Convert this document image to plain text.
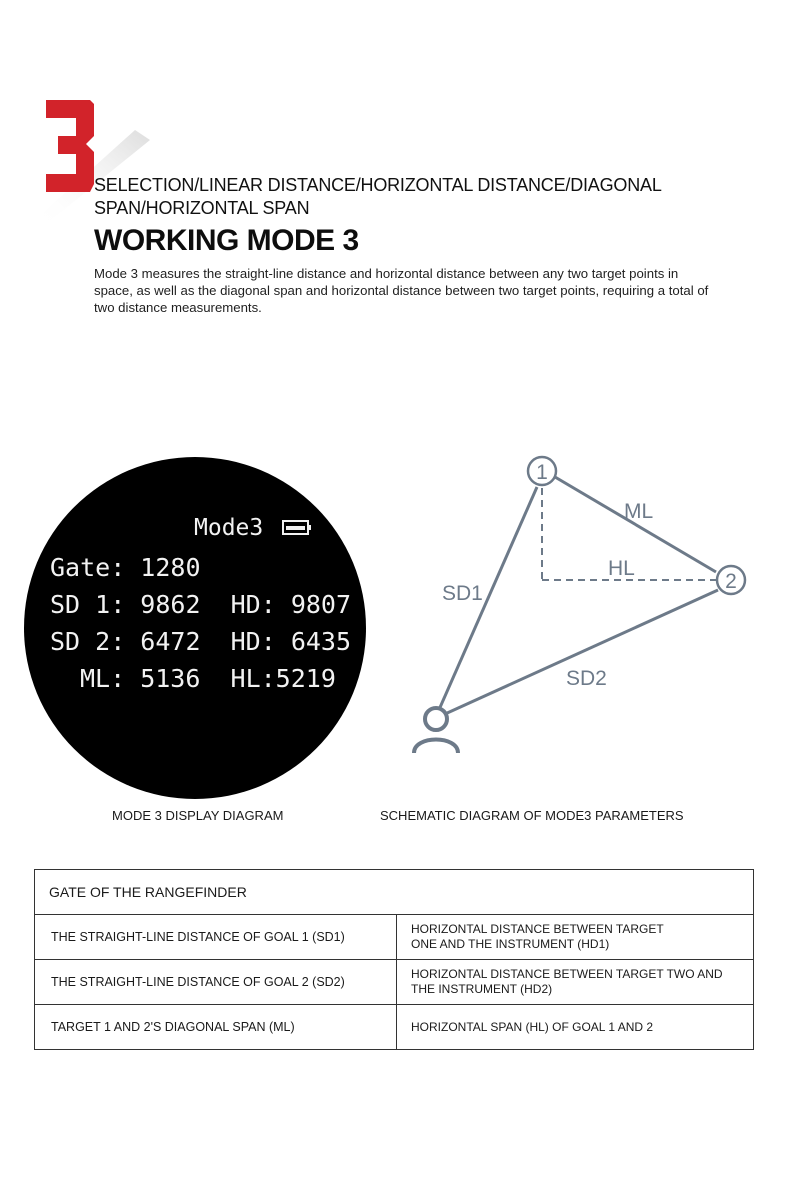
SELECTION/LINEAR DISTANCE/HORIZONTAL DISTANCE/DIAGONAL SPAN/HORIZONTAL SPAN
WORKING MODE 3
Mode 3 measures the straight-line distance and horizontal distance between any two target points in space, as well as the diagonal span and horizontal distance between two target points, requiring a total of two distance measurements.
Mode3
Gate: 1280
SD 1: 9862  HD: 9807
SD 2: 6472  HD: 6435
ML: 5136  HL:5219
MODE 3 DISPLAY DIAGRAM
1
2
ML
HL
SD1
SD2
SCHEMATIC DIAGRAM OF MODE3 PARAMETERS
GATE OF THE RANGEFINDER	
THE STRAIGHT-LINE DISTANCE OF GOAL 1 (SD1)	HORIZONTAL DISTANCE BETWEEN TARGET
ONE AND THE INSTRUMENT (HD1)

THE STRAIGHT-LINE DISTANCE OF GOAL 2 (SD2)	HORIZONTAL DISTANCE BETWEEN TARGET TWO AND
THE INSTRUMENT (HD2)

TARGET 1 AND 2'S DIAGONAL SPAN (ML)	HORIZONTAL SPAN (HL) OF GOAL 1 AND 2
